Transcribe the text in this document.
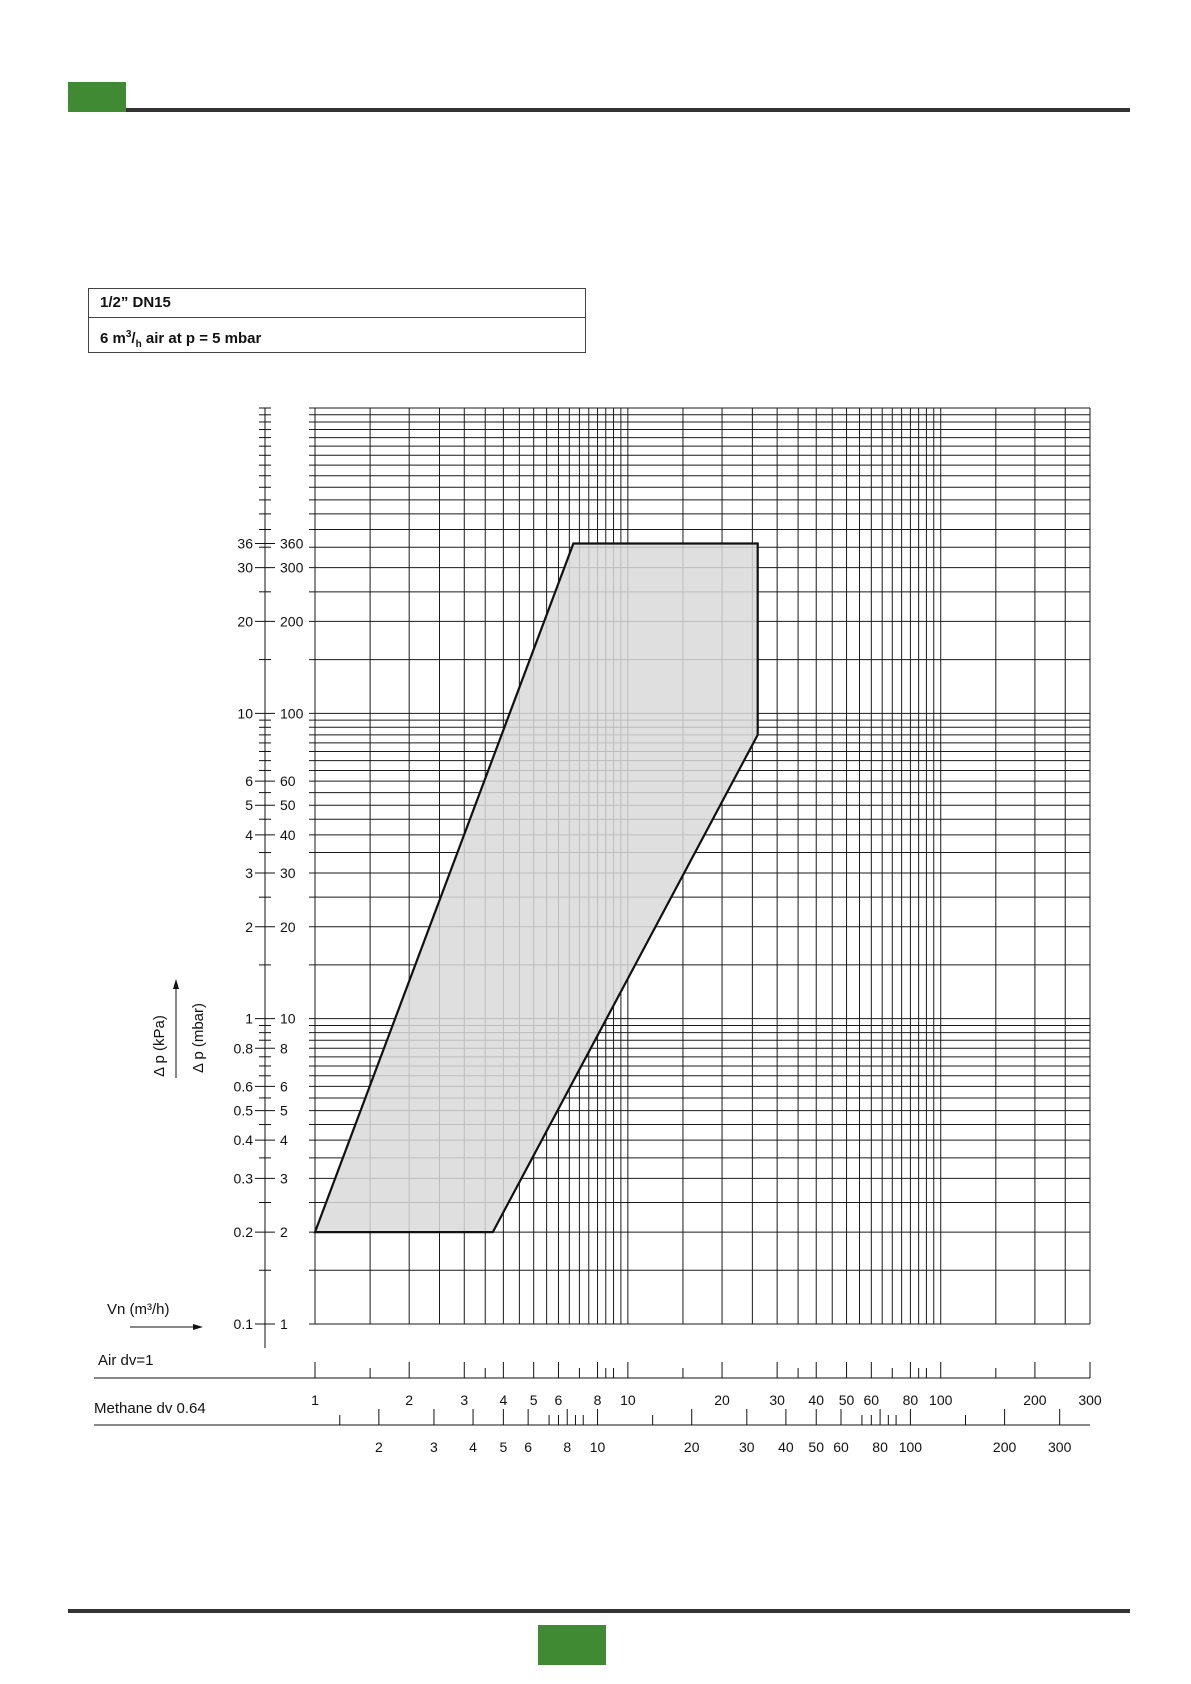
1/2” DN15
6 $m^3/_h$ air at p = 5 mbar
36 360
30 300
20 200
10 100
6 60
5 50
4 40
3 30
2 20
1 10
0.8 8
0.6 6
0.5 5
0.4 4
0.3 3
0.2 2
0.1 1
Air dv=1
Methane dv 0.64	1	2	3 4 5 6 8 10	20	30 40 50 60 80 100	200 300
2	3 4 5 6 8 10	20	30 40 50 60 80 100	200 300
Δ p (kPa) Δ p (mbar)
Vn (m³/h)
